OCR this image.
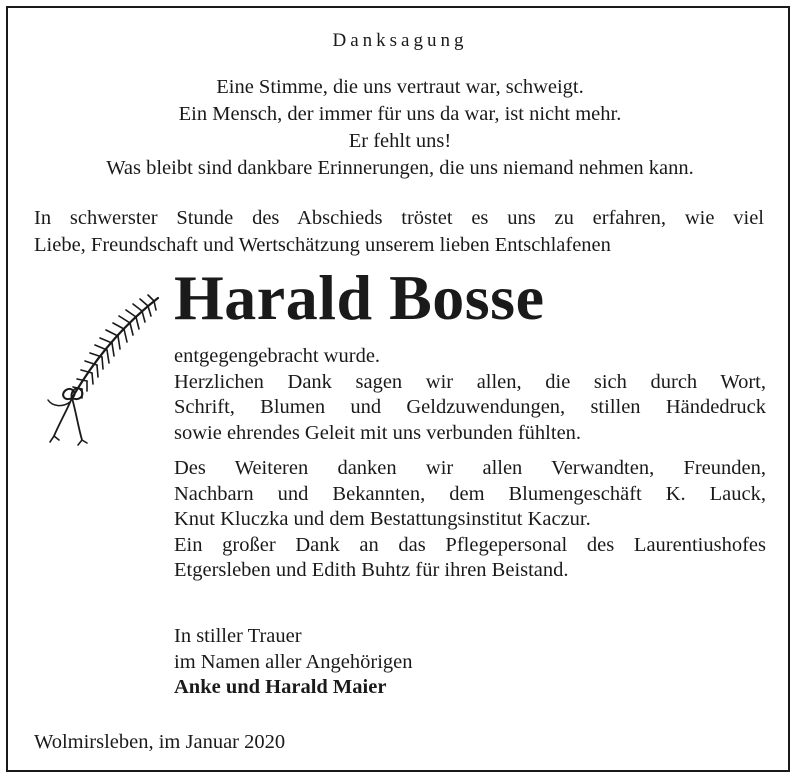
Danksagung
Eine Stimme, die uns vertraut war, schweigt.
Ein Mensch, der immer für uns da war, ist nicht mehr.
Er fehlt uns!
Was bleibt sind dankbare Erinnerungen, die uns niemand nehmen kann.
In schwerster Stunde des Abschieds tröstet es uns zu erfahren, wie viel
Liebe, Freundschaft und Wertschätzung unserem lieben Entschlafenen
Harald Bosse
entgegengebracht wurde.
Herzlichen Dank sagen wir allen, die sich durch Wort,
Schrift, Blumen und Geldzuwendungen, stillen Händedruck
sowie ehrendes Geleit mit uns verbunden fühlten.
Des Weiteren danken wir allen Verwandten, Freunden,
Nachbarn und Bekannten, dem Blumengeschäft K. Lauck,
Knut Kluczka und dem Bestattungsinstitut Kaczur.
Ein großer Dank an das Pflegepersonal des Laurentiushofes
Etgersleben und Edith Buhtz für ihren Beistand.
In stiller Trauer
im Namen aller Angehörigen
Anke und Harald Maier
Wolmirsleben, im Januar 2020
